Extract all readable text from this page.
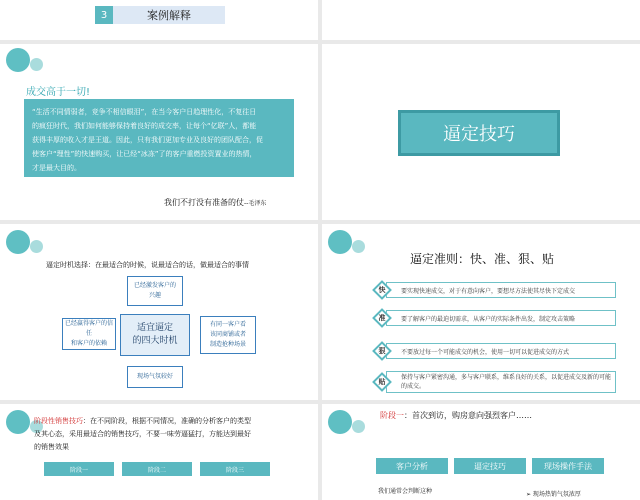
3	案例解释
成交高于一切!
“生活不同情弱者，竞争不相信眼泪”，在当今客户日趋理性化，不复往日
的疯狂时代，我们如何能够保持着良好的成交率，让每个“亿联”人，都能
获得丰厚的收入才是王道。因此，只有我们更加专业及良好的团队配合，促
使客户“理性”的快速购买，让已经“冰冻”了的客户重燃投资置业的热情，
才是最大目的。
我们不打没有准备的仗--毛泽东
逼定技巧
逼定时机选择：在最适合的时候，说最适合的话，做最适合的事情
已经激发客户的
兴趣
已经赢得客户的信任
和客户的依赖
适宜逼定
的四大时机
有同一客户看
该同商铺或者
制造抢种场景
现场气氛较好
逼定准则：快、准、狠、贴
要实现快速成交，对于有意向客户，要想尽方法使其尽快下定成交
快
要了解客户的最迫切需求，从客户的实际条件出发，制定攻击策略
准
不要放过每一个可能成交的机会，使用一切可以促进成交的方式
狠
保持与客户紧密沟通，多与客户联系，维系良好的关系，以促进成交及新的可能的成交。
贴
阶段性销售技巧：在不同阶段，根据不同情况，准确的分析客户的类型
及其心态，采用最适合的销售技巧，不要一味劳逼猛打，方能达到最好
的销售效果
阶段一	阶段二	阶段三
阶段一：首次到访，购房意向强烈客户……
客户分析	逼定技巧	现场操作手法
我们通常会判断这种	➢ 现场热销气氛浓厚
